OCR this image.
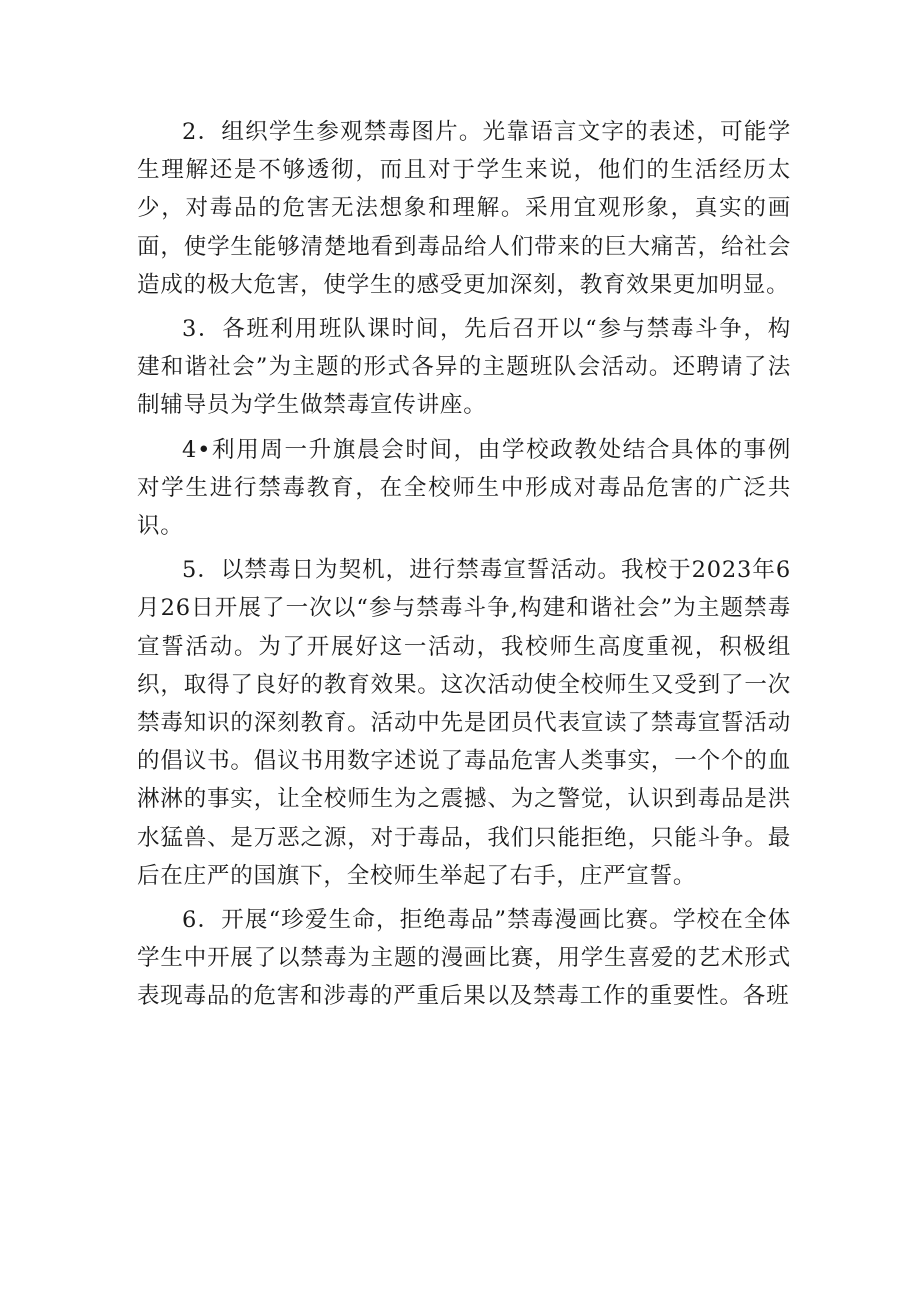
2．组织学生参观禁毒图片。光靠语言文字的表述，可能学生理解还是不够透彻，而且对于学生来说，他们的生活经历太少，对毒品的危害无法想象和理解。采用宜观形象，真实的画面，使学生能够清楚地看到毒品给人们带来的巨大痛苦，给社会造成的极大危害，使学生的感受更加深刻，教育效果更加明显。

3．各班利用班队课时间，先后召开以“参与禁毒斗争，构建和谐社会”为主题的形式各异的主题班队会活动。还聘请了法制辅导员为学生做禁毒宣传讲座。

4•利用周一升旗晨会时间，由学校政教处结合具体的事例对学生进行禁毒教育，在全校师生中形成对毒品危害的广泛共识。

5．以禁毒日为契机，进行禁毒宣誓活动。我校于2023年6月26日开展了一次以“参与禁毒斗争,构建和谐社会”为主题禁毒宣誓活动。为了开展好这一活动，我校师生高度重视，积极组织，取得了良好的教育效果。这次活动使全校师生又受到了一次禁毒知识的深刻教育。活动中先是团员代表宣读了禁毒宣誓活动的倡议书。倡议书用数字述说了毒品危害人类事实，一个个的血淋淋的事实，让全校师生为之震撼、为之警觉，认识到毒品是洪水猛兽、是万恶之源，对于毒品，我们只能拒绝，只能斗争。最后在庄严的国旗下，全校师生举起了右手，庄严宣誓。

6．开展“珍爱生命，拒绝毒品”禁毒漫画比赛。学校在全体学生中开展了以禁毒为主题的漫画比赛，用学生喜爱的艺术形式表现毒品的危害和涉毒的严重后果以及禁毒工作的重要性。各班
